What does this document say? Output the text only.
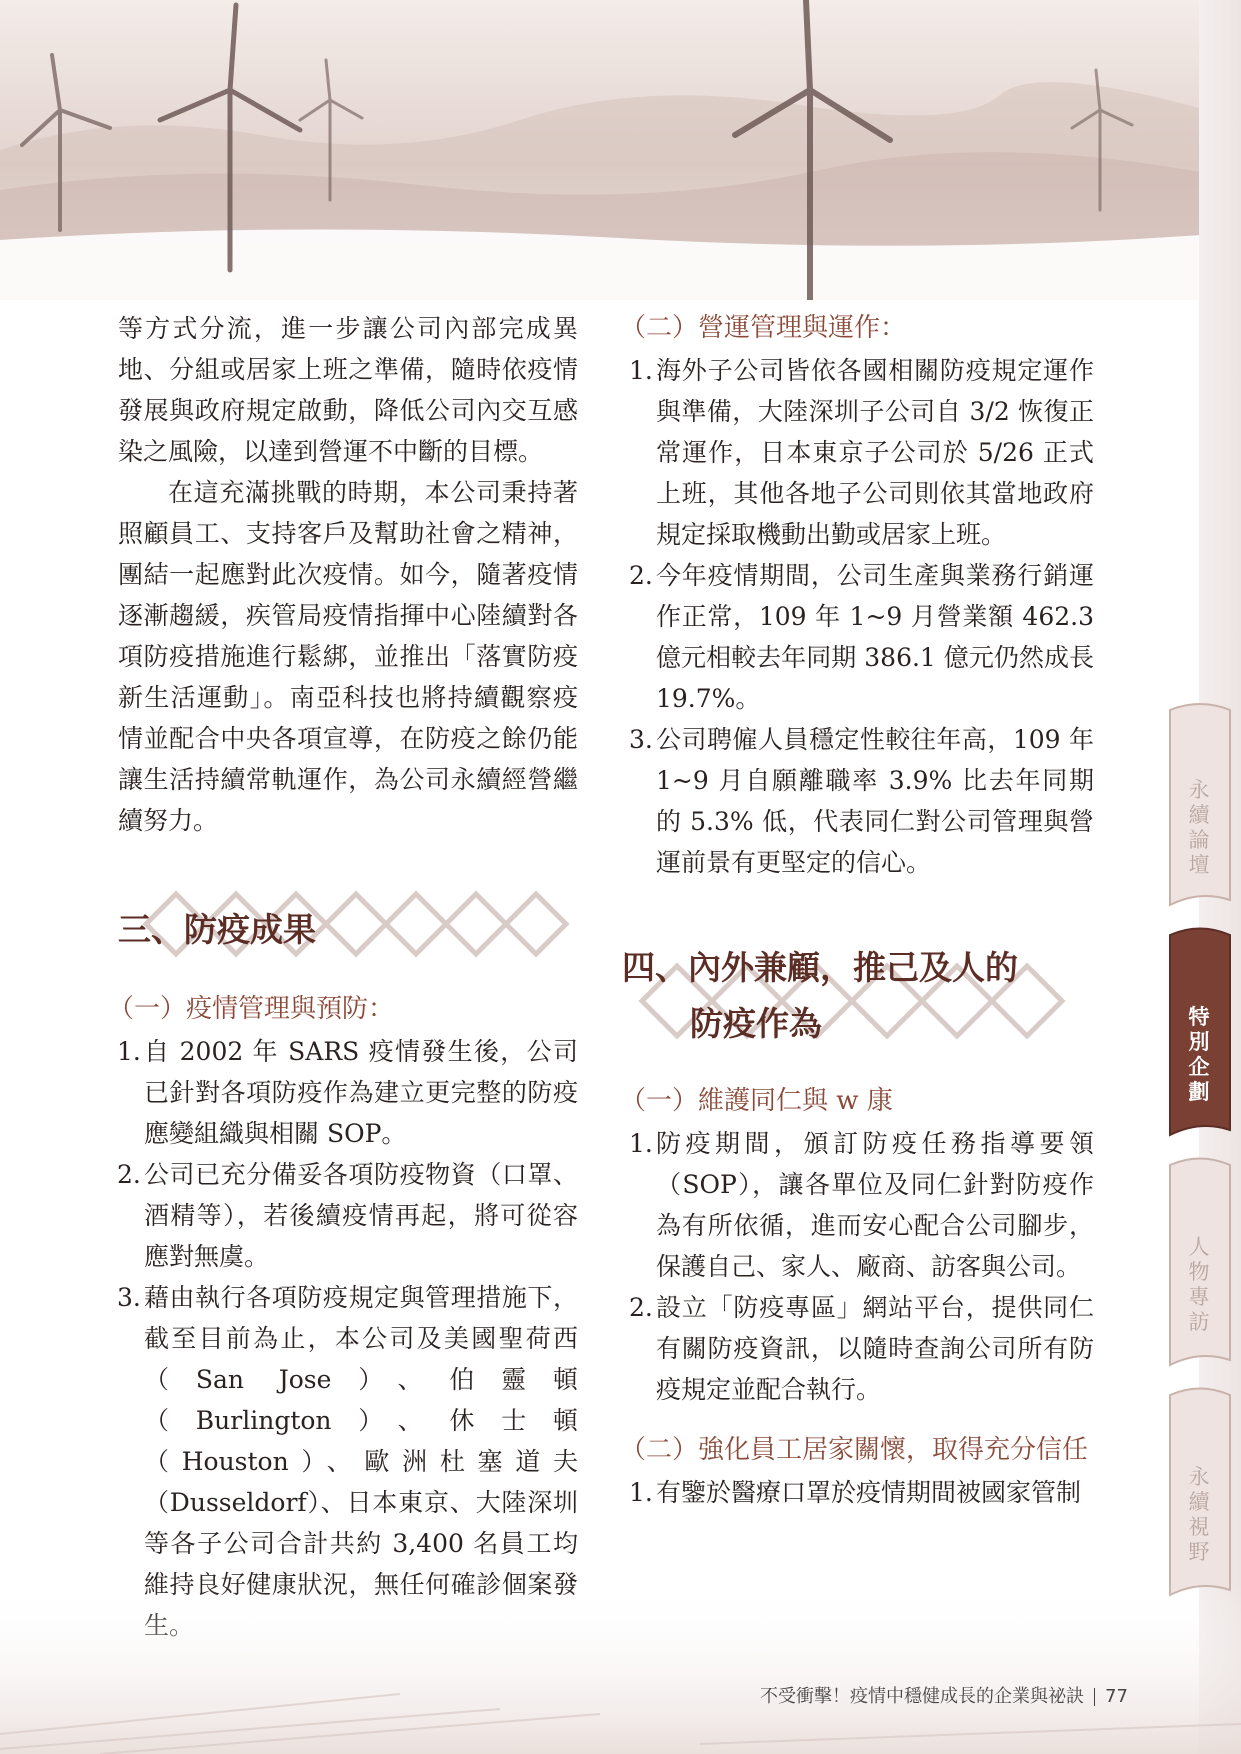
等方式分流，進一步讓公司內部完成異地、分組或居家上班之準備，隨時依疫情發展與政府規定啟動，降低公司內交互感染之風險，以達到營運不中斷的目標。

在這充滿挑戰的時期，本公司秉持著照顧員工、支持客戶及幫助社會之精神，團結一起應對此次疫情。如今，隨著疫情逐漸趨緩，疾管局疫情指揮中心陸續對各項防疫措施進行鬆綁，並推出「落實防疫新生活運動」。南亞科技也將持續觀察疫情並配合中央各項宣導，在防疫之餘仍能讓生活持續常軌運作，為公司永續經營繼續努力。

三、防疫成果
（一）疫情管理與預防：
1. 自 2002 年 SARS 疫情發生後，公司已針對各項防疫作為建立更完整的防疫應變組織與相關 SOP。
2. 公司已充分備妥各項防疫物資（口罩、酒精等），若後續疫情再起，將可從容應對無虞。
3. 藉由執行各項防疫規定與管理措施下，截至目前為止，本公司及美國聖荷西（San Jose）、伯靈頓（Burlington）、休士頓（Houston）、歐洲杜塞道夫（Dusseldorf）、日本東京、大陸深圳等各子公司合計共約 3,400 名員工均
（二）營運管理與運作：
1. 海外子公司皆依各國相關防疫規定運作與準備，大陸深圳子公司自 3/2 恢復正常運作，日本東京子公司於 5/26 正式上班，其他各地子公司則依其當地政府規定採取機動出勤或居家上班。
2. 今年疫情期間，公司生產與業務行銷運作正常，109 年 1~9 月營業額 462.3 億元相較去年同期 386.1 億元仍然成長 19.7%。
3. 公司聘僱人員穩定性較往年高，109 年 1~9 月自願離職率 3.9% 比去年同期的 5.3% 低，代表同仁對公司管理與營運前景有更堅定的信心。
四、內外兼顧，推己及人的
防疫作為
（一）維護同仁與 w 康
1. 防疫期間，頒訂防疫任務指導要領（SOP），讓各單位及同仁針對防疫作為有所依循，進而安心配合公司腳步，保護自己、家人、廠商、訪客與公司。
2. 設立「防疫專區」網站平台，提供同仁有關防疫資訊，以隨時查詢公司所有防疫規定並配合執行。
（二）強化員工居家關懷，取得充分信任
1. 有鑒於醫療口罩於疫情期間被國家管制
永續論壇
特別企劃
人物專訪
永續視野
不受衝擊！疫情中穩健成長的企業與祕訣 77
